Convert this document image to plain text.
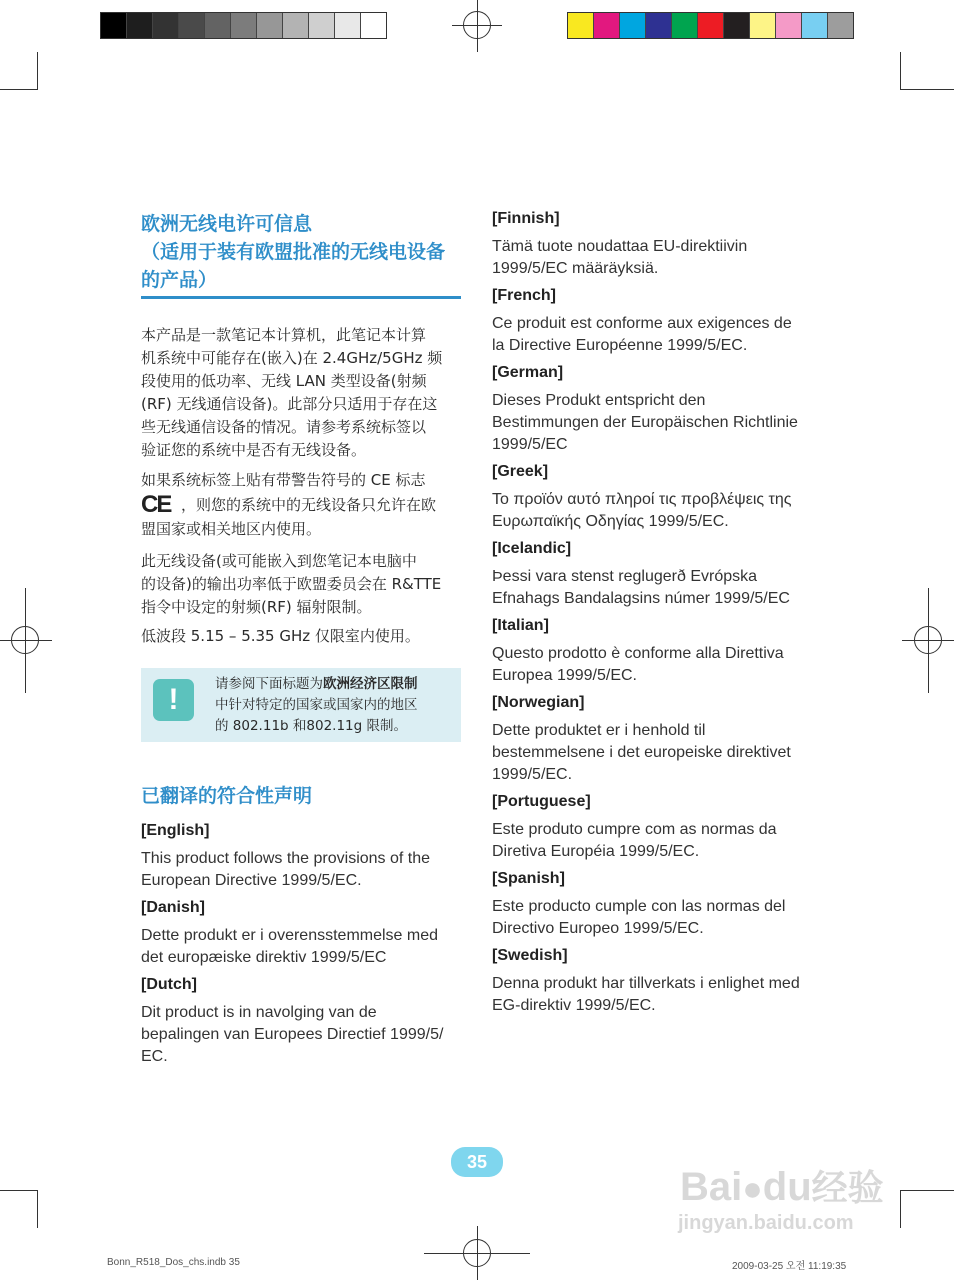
欧洲无线电许可信息
（适用于装有欧盟批准的无线电设备
的产品）
本产品是一款笔记本计算机，此笔记本计算
机系统中可能存在(嵌入)在 2.4GHz/5GHz 频
段使用的低功率、无线 LAN 类型设备(射频
(RF) 无线通信设备)。此部分只适用于存在这
些无线通信设备的情况。请参考系统标签以
验证您的系统中是否有无线设备。
如果系统标签上贴有带警告符号的 CE 标志
CE ，则您的系统中的无线设备只允许在欧
盟国家或相关地区内使用。
此无线设备(或可能嵌入到您笔记本电脑中
的设备)的输出功率低于欧盟委员会在 R&TTE
指令中设定的射频(RF) 辐射限制。
低波段 5.15 – 5.35 GHz 仅限室内使用。
!	请参阅下面标题为欧洲经济区限制
中针对特定的国家或国家内的地区
的 802.11b 和802.11g 限制。
已翻译的符合性声明
[English]
This product follows the provisions of the
European Directive 1999/5/EC.
[Danish]
Dette produkt er i overensstemmelse med
det europæiske direktiv 1999/5/EC
[Dutch]
Dit product is in navolging van de
bepalingen van Europees Directief 1999/5/
EC.
[Finnish]
Tämä tuote noudattaa EU-direktiivin
1999/5/EC määräyksiä.
[French]
Ce produit est conforme aux exigences de
la Directive Européenne 1999/5/EC.
[German]
Dieses Produkt entspricht den
Bestimmungen der Europäischen Richtlinie
1999/5/EC
[Greek]
Το προϊόν αυτό πληροί τις προβλέψεις της
Ευρωπαϊκής Οδηγίας 1999/5/EC.
[Icelandic]
Þessi vara stenst reglugerð Evrópska
Efnahags Bandalagsins númer 1999/5/EC
[Italian]
Questo prodotto è conforme alla Direttiva
Europea 1999/5/EC.
[Norwegian]
Dette produktet er i henhold til
bestemmelsene i det europeiske direktivet
1999/5/EC.
[Portuguese]
Este produto cumpre com as normas da
Diretiva Européia 1999/5/EC.
[Spanish]
Este producto cumple con las normas del
Directivo Europeo 1999/5/EC.
[Swedish]
Denna produkt har tillverkats i enlighet med
EG-direktiv 1999/5/EC.
35
Bonn_R518_Dos_chs.indb 35	2009-03-25 오전 11:19:35
Bai●du经验
jingyan.baidu.com
